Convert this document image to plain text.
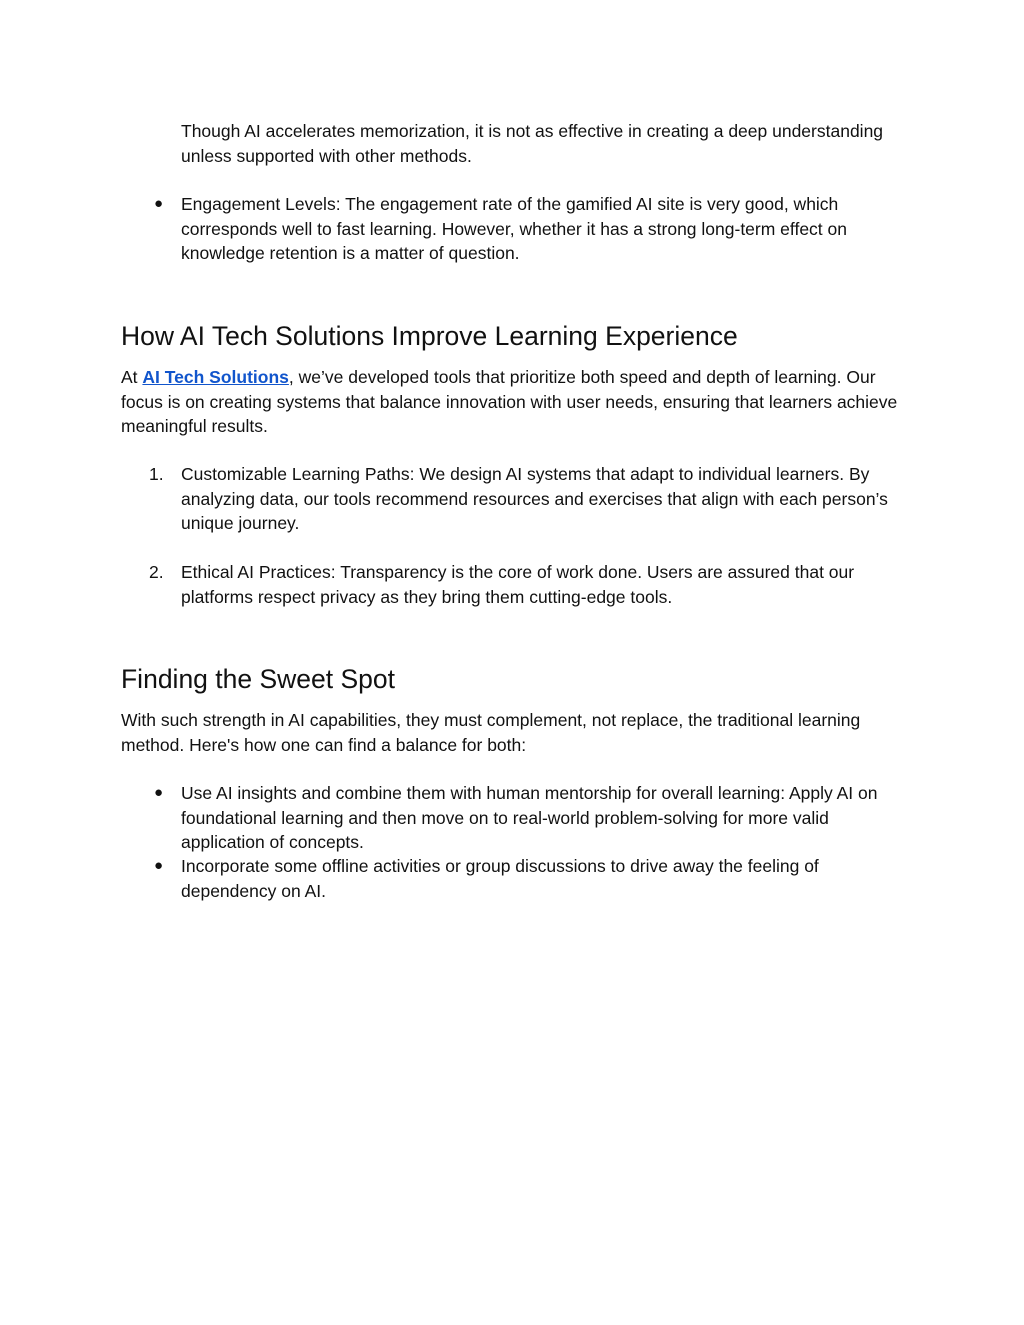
Though AI accelerates memorization, it is not as effective in creating a deep understanding unless supported with other methods.

●	Engagement Levels: The engagement rate of the gamified AI site is very good, which corresponds well to fast learning. However, whether it has a strong long-term effect on knowledge retention is a matter of question.
How AI Tech Solutions Improve Learning Experience

At AI Tech Solutions, we’ve developed tools that prioritize both speed and depth of learning. Our focus is on creating systems that balance innovation with user needs, ensuring that learners achieve meaningful results.

1. Customizable Learning Paths: We design AI systems that adapt to individual learners. By analyzing data, our tools recommend resources and exercises that align with each person’s unique journey.
2. Ethical AI Practices: Transparency is the core of work done. Users are assured that our platforms respect privacy as they bring them cutting-edge tools.
Finding the Sweet Spot

With such strength in AI capabilities, they must complement, not replace, the traditional learning method. Here's how one can find a balance for both:

●	Use AI insights and combine them with human mentorship for overall learning: Apply AI on foundational learning and then move on to real-world problem-solving for more valid application of concepts.
●	Incorporate some offline activities or group discussions to drive away the feeling of dependency on AI.
